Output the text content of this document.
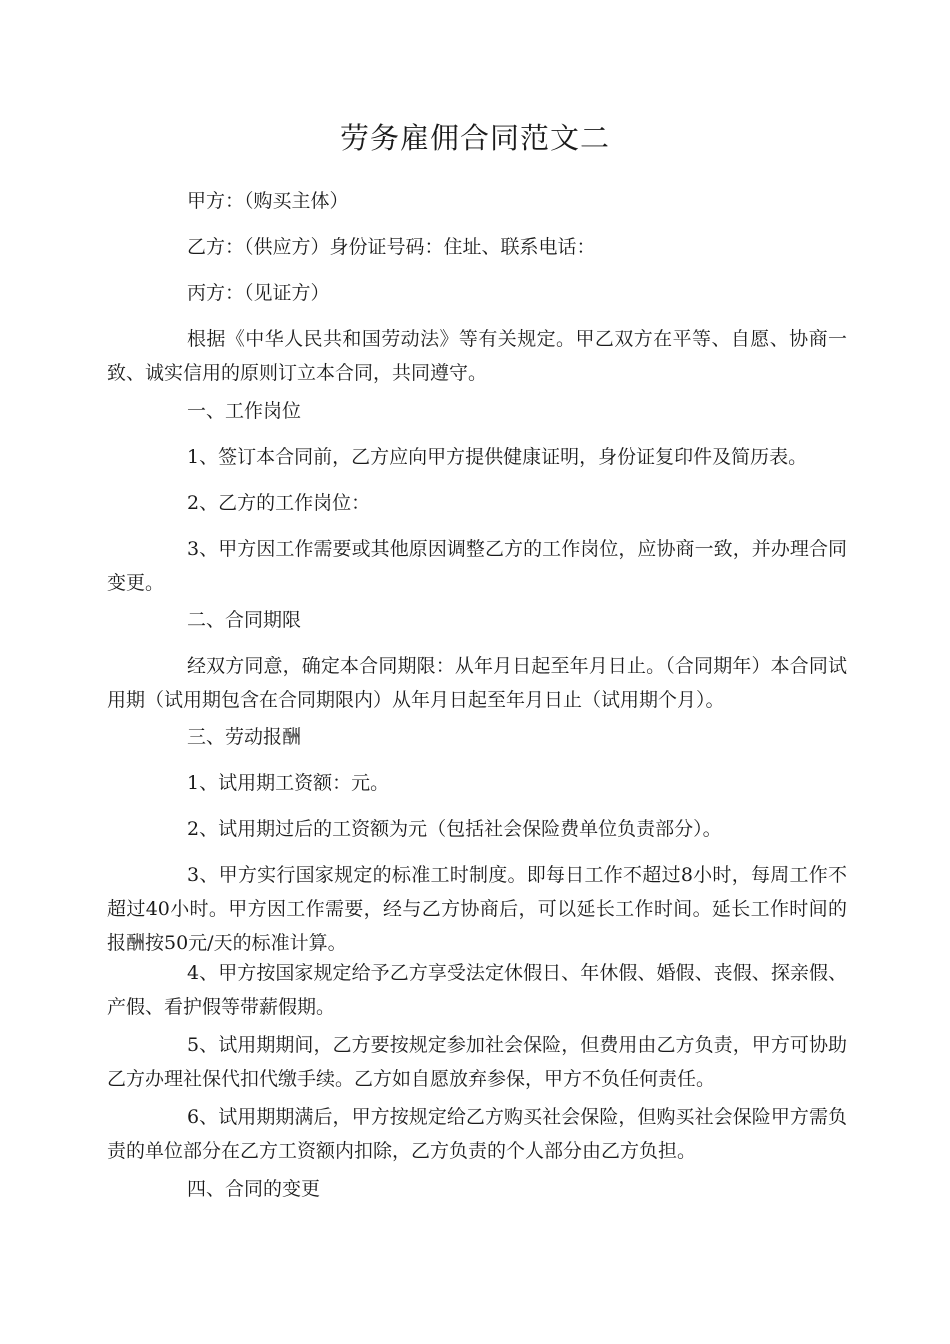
劳务雇佣合同范文二

甲方：（购买主体）

乙方：（供应方）身份证号码：住址、联系电话：

丙方：（见证方）

根据《中华人民共和国劳动法》等有关规定。甲乙双方在平等、自愿、协商一致、诚实信用的原则订立本合同，共同遵守。

一、工作岗位

1、签订本合同前，乙方应向甲方提供健康证明，身份证复印件及简历表。

2、乙方的工作岗位：

3、甲方因工作需要或其他原因调整乙方的工作岗位，应协商一致，并办理合同变更。

二、合同期限

经双方同意，确定本合同期限：从年月日起至年月日止。（合同期年）本合同试用期（试用期包含在合同期限内）从年月日起至年月日止（试用期个月）。

三、劳动报酬

1、试用期工资额：元。

2、试用期过后的工资额为元（包括社会保险费单位负责部分）。

3、甲方实行国家规定的标准工时制度。即每日工作不超过8小时，每周工作不超过40小时。甲方因工作需要，经与乙方协商后，可以延长工作时间。延长工作时间的报酬按50元/天的标准计算。

4、甲方按国家规定给予乙方享受法定休假日、年休假、婚假、丧假、探亲假、产假、看护假等带薪假期。

5、试用期期间，乙方要按规定参加社会保险，但费用由乙方负责，甲方可协助乙方办理社保代扣代缴手续。乙方如自愿放弃参保，甲方不负任何责任。

6、试用期期满后，甲方按规定给乙方购买社会保险，但购买社会保险甲方需负责的单位部分在乙方工资额内扣除，乙方负责的个人部分由乙方负担。

四、合同的变更
